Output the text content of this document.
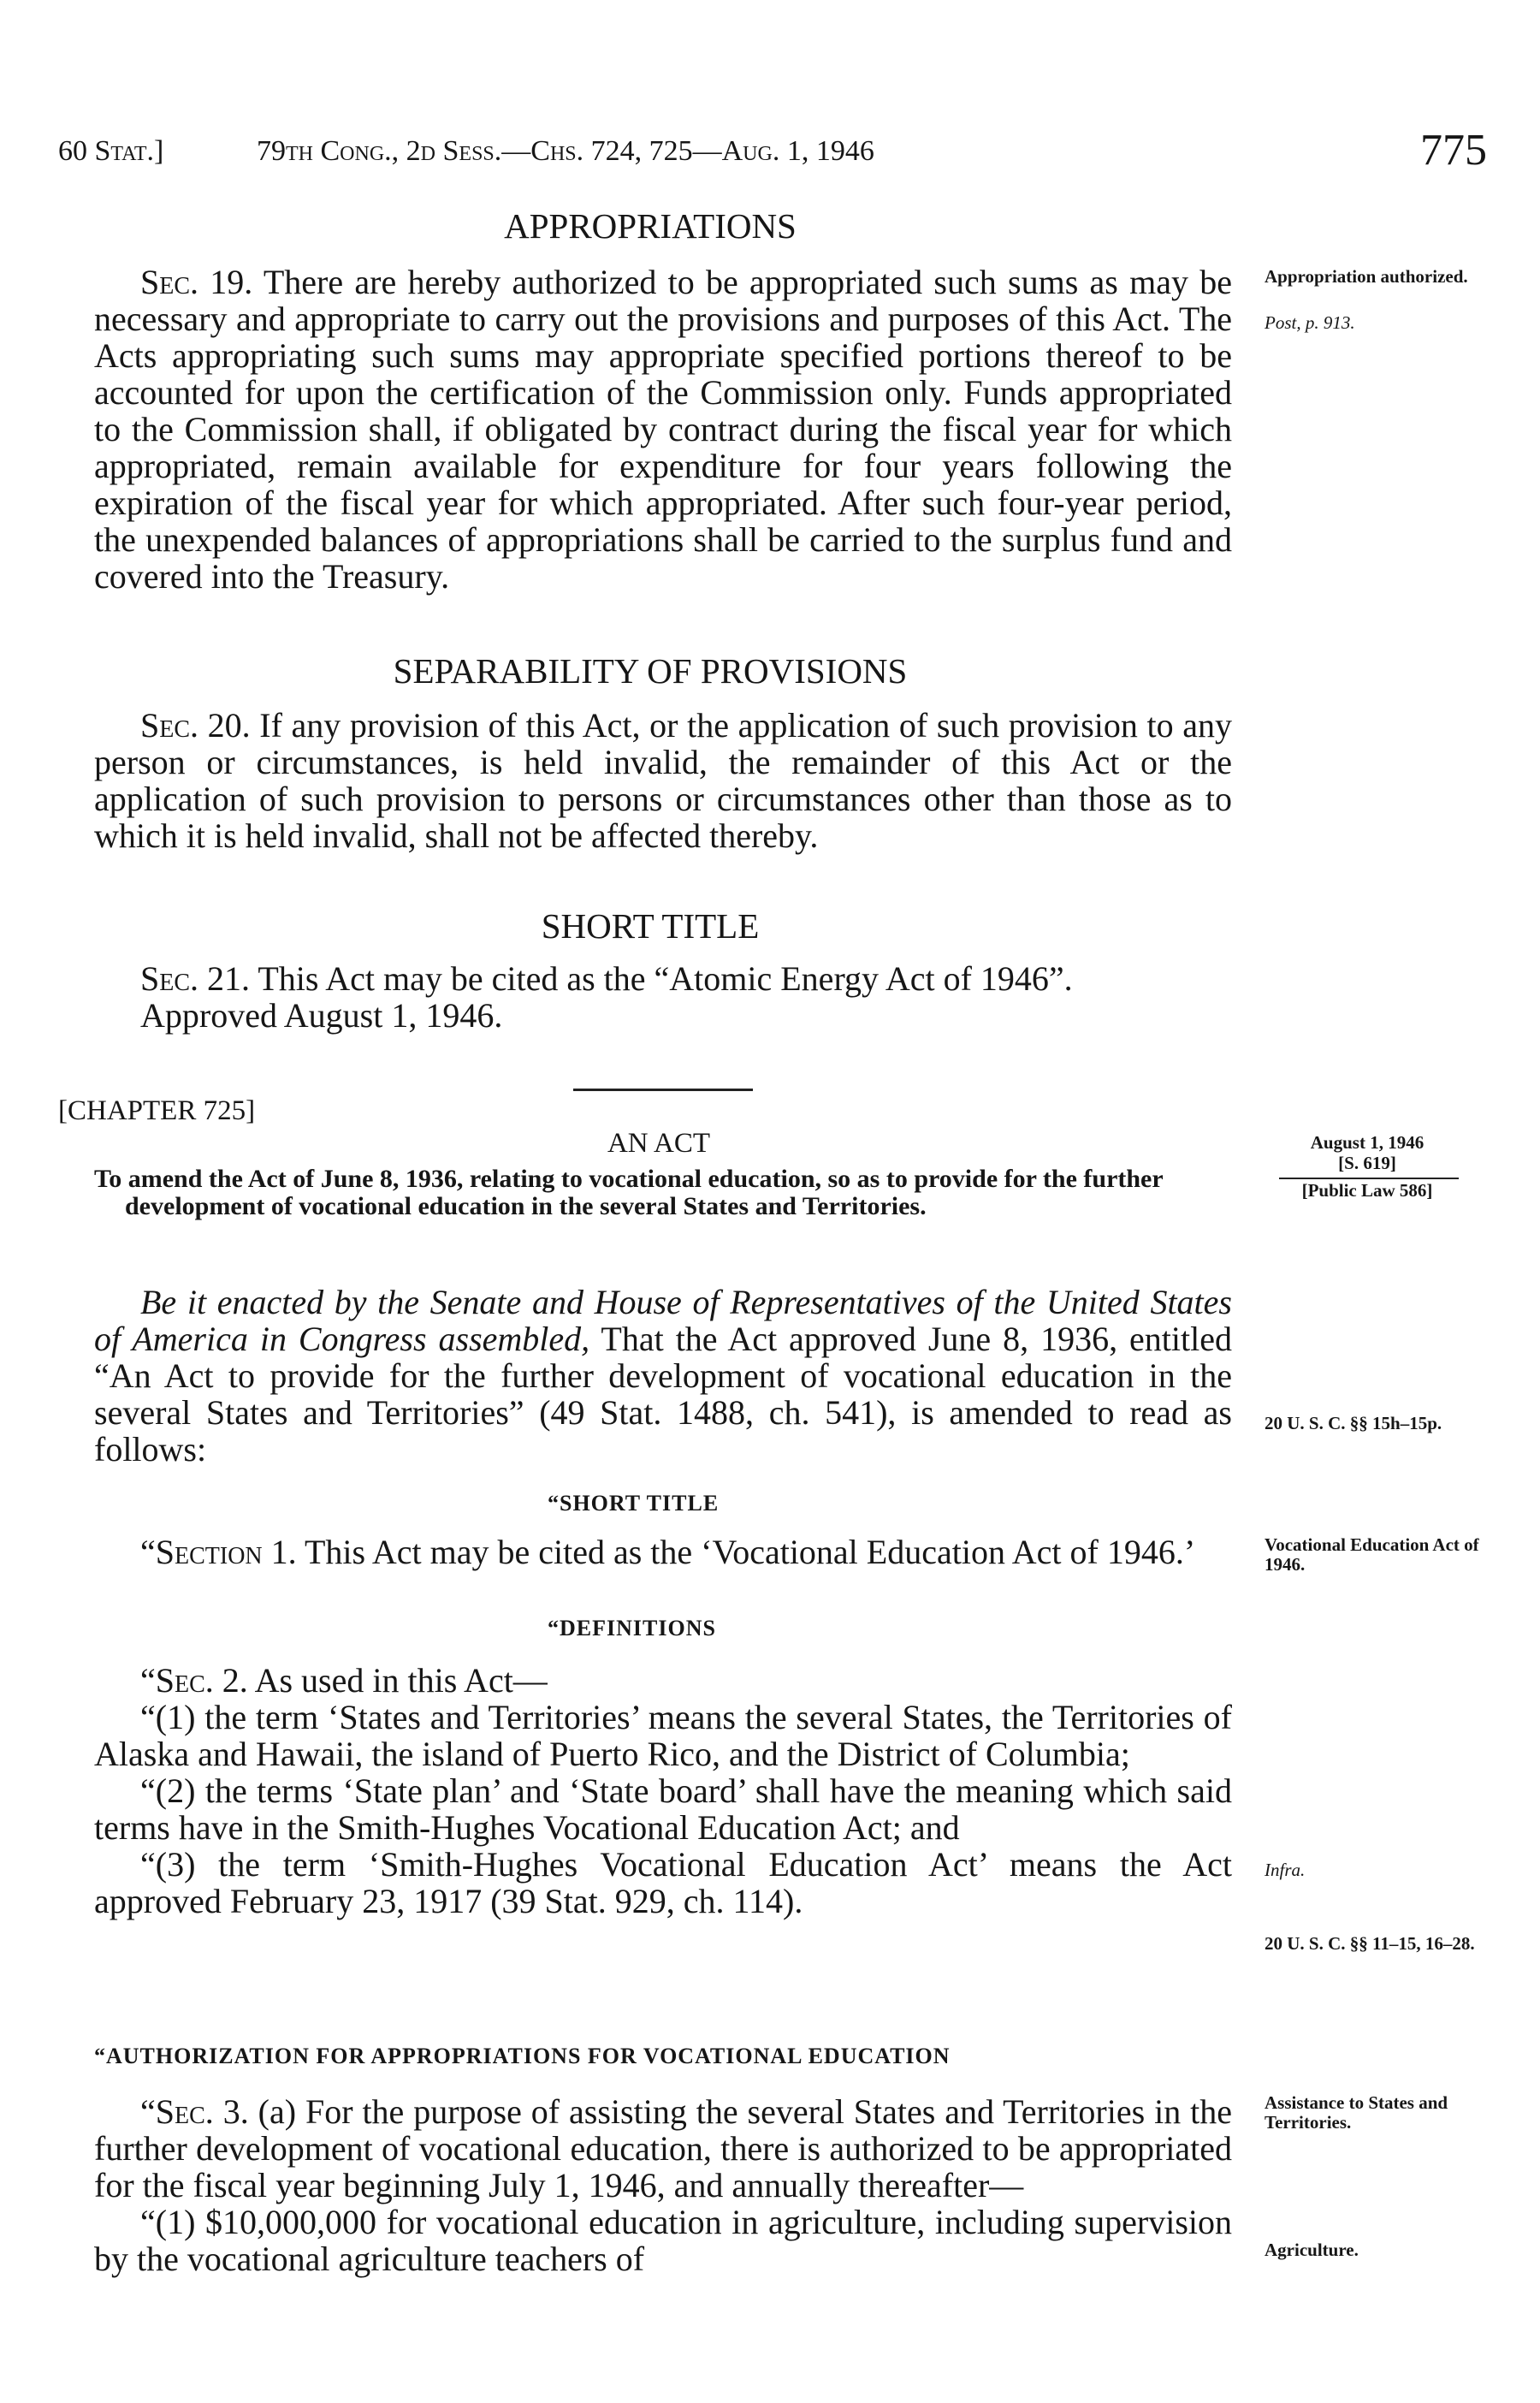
60 Stat.]	79th Cong., 2d Sess.—Chs. 724, 725—Aug. 1, 1946	775
APPROPRIATIONS

Sec. 19. There are hereby authorized to be appropriated such sums as may be necessary and appropriate to carry out the provisions and purposes of this Act. The Acts appropriating such sums may appropriate specified portions thereof to be accounted for upon the certification of the Commission only. Funds appropriated to the Commission shall, if obligated by contract during the fiscal year for which appropriated, remain available for expenditure for four years following the expiration of the fiscal year for which appropriated. After such four-year period, the unexpended balances of appropriations shall be carried to the surplus fund and covered into the Treasury.

Appropriation authorized.
Post, p. 913.
SEPARABILITY OF PROVISIONS

Sec. 20. If any provision of this Act, or the application of such provision to any person or circumstances, is held invalid, the remainder of this Act or the application of such provision to persons or circumstances other than those as to which it is held invalid, shall not be affected thereby.

SHORT TITLE

Sec. 21. This Act may be cited as the “Atomic Energy Act of 1946”.

Approved August 1, 1946.

[CHAPTER 725]
AN ACT

To amend the Act of June 8, 1936, relating to vocational education, so as to provide for the further development of vocational education in the several States and Territories.

August 1, 1946
[S. 619]
[Public Law 586]

Be it enacted by the Senate and House of Representatives of the United States of America in Congress assembled, That the Act approved June 8, 1936, entitled “An Act to provide for the further development of vocational education in the several States and Territories” (49 Stat. 1488, ch. 541), is amended to read as follows:

20 U. S. C. §§ 15h–15p.
“SHORT TITLE

“Section 1. This Act may be cited as the ‘Vocational Education Act of 1946.’	Vocational Education Act of 1946.
“DEFINITIONS

“Sec. 2. As used in this Act—

“(1) the term ‘States and Territories’ means the several States, the Territories of Alaska and Hawaii, the island of Puerto Rico, and the District of Columbia;

“(2) the terms ‘State plan’ and ‘State board’ shall have the meaning which said terms have in the Smith-Hughes Vocational Education Act; and

“(3) the term ‘Smith-Hughes Vocational Education Act’ means the Act approved February 23, 1917 (39 Stat. 929, ch. 114).

Infra.
20 U. S. C. §§ 11–15, 16–28.
“AUTHORIZATION FOR APPROPRIATIONS FOR VOCATIONAL EDUCATION

“Sec. 3. (a) For the purpose of assisting the several States and Territories in the further development of vocational education, there is authorized to be appropriated for the fiscal year beginning July 1, 1946, and annually thereafter—

“(1) $10,000,000 for vocational education in agriculture, including supervision by the vocational agriculture teachers of

Assistance to States and Territories.
Agriculture.
